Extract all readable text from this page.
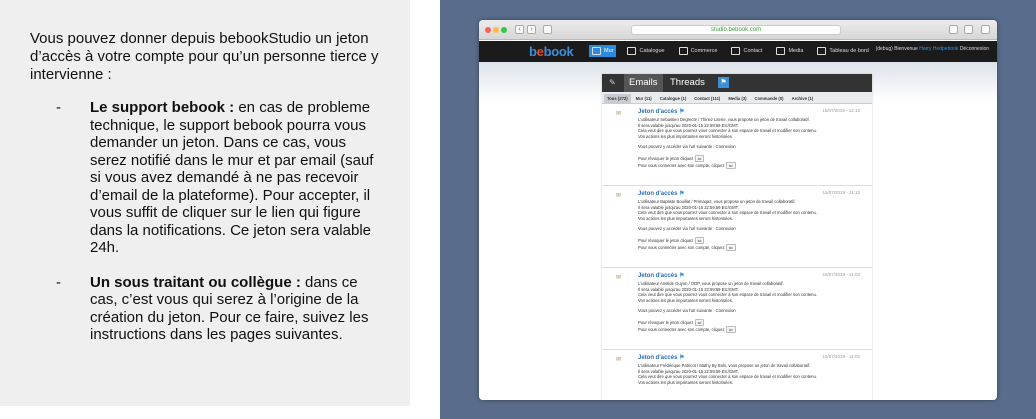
Vous pouvez donner depuis bebookStudio un jeton d’accès à votre compte pour qu’un personne tierce y intervienne :

- Le support bebook : en cas de probleme technique, le support bebook pourra vous demander un jeton. Dans ce cas, vous serez notifié dans le mur et par email (sauf si vous avez demandé à ne pas recevoir d’email de la plateforme). Pour accepter, il vous suffit de cliquer sur le lien qui figure dans la notifications. Ce jeton sera valable 24h.
- Un sous traitant ou collègue : dans ce cas, c’est vous qui serez à l’origine de la création du jeton. Pour ce faire, suivez les instructions dans les pages suivantes.
‹	›	studio.bebook.com
bebook	Mur	Catalogue	Commerce	Contact	Media	Tableau de bord (debug) Bienvenue Harry Hedpebook Déconnexion
✎	Emails	Threads	⚑
Tous (272)	Mur (11)	Catalogue (1)	Contact (111)	Media (3)	Commande (0)	Archive (1)
✉
15/07/2019 - 12:13
Jeton d'accès ⚑

L'utilisateur Sebastien Degrecte / Thiriez Literie, vous propose un jeton de travail collaboratif.

Il sera valable jusqu'au 2020-01-15 22:59:59 Etc/GMT.

Cela veut dire que vous pourrez vous connecter à son espace de travail et modifier son contenu.

Vos actions les plus importantes seront historisées.

Vous pouvez y accéder via l'url suivante : Connexion

Pour révoquer le jeton cliquez ici

Pour vous connecter avec son compte, cliquez ici

✉
15/07/2019 - 11:12
Jeton d'accès ⚑

L'utilisateur Baptiste Bouillat / Primaqaz, vous propose un jeton de travail collaboratif.

Il sera valable jusqu'au 2020-01-15 22:59:59 Etc/GMT.

Cela veut dire que vous pourrez vous connecter à son espace de travail et modifier son contenu.

Vos actions les plus importantes seront historisées.

Vous pouvez y accéder via l'url suivante : Connexion

Pour révoquer le jeton cliquez ici

Pour vous connecter avec son compte, cliquez ici

✉
15/07/2019 - 11:04
Jeton d'accès ⚑

L'utilisateur Aristide Guyon / ODP, vous propose un jeton de travail collaboratif.

Il sera valable jusqu'au 2020-01-15 22:59:59 Etc/GMT.

Cela veut dire que vous pourrez vous connecter à son espace de travail et modifier son contenu.

Vos actions les plus importantes seront historisées.

Vous pouvez y accéder via l'url suivante : Connexion

Pour révoquer le jeton cliquez ici

Pour vous connecter avec son compte, cliquez ici

✉
15/07/2019 - 11:02
Jeton d'accès ⚑

L'utilisateur Frédérique Patricot / Mathy By Bols, vous propose un jeton de travail collaboratif.

Il sera valable jusqu'au 2020-01-15 22:59:59 Etc/GMT.

Cela veut dire que vous pourrez vous connecter à son espace de travail et modifier son contenu.

Vos actions les plus importantes seront historisées.
